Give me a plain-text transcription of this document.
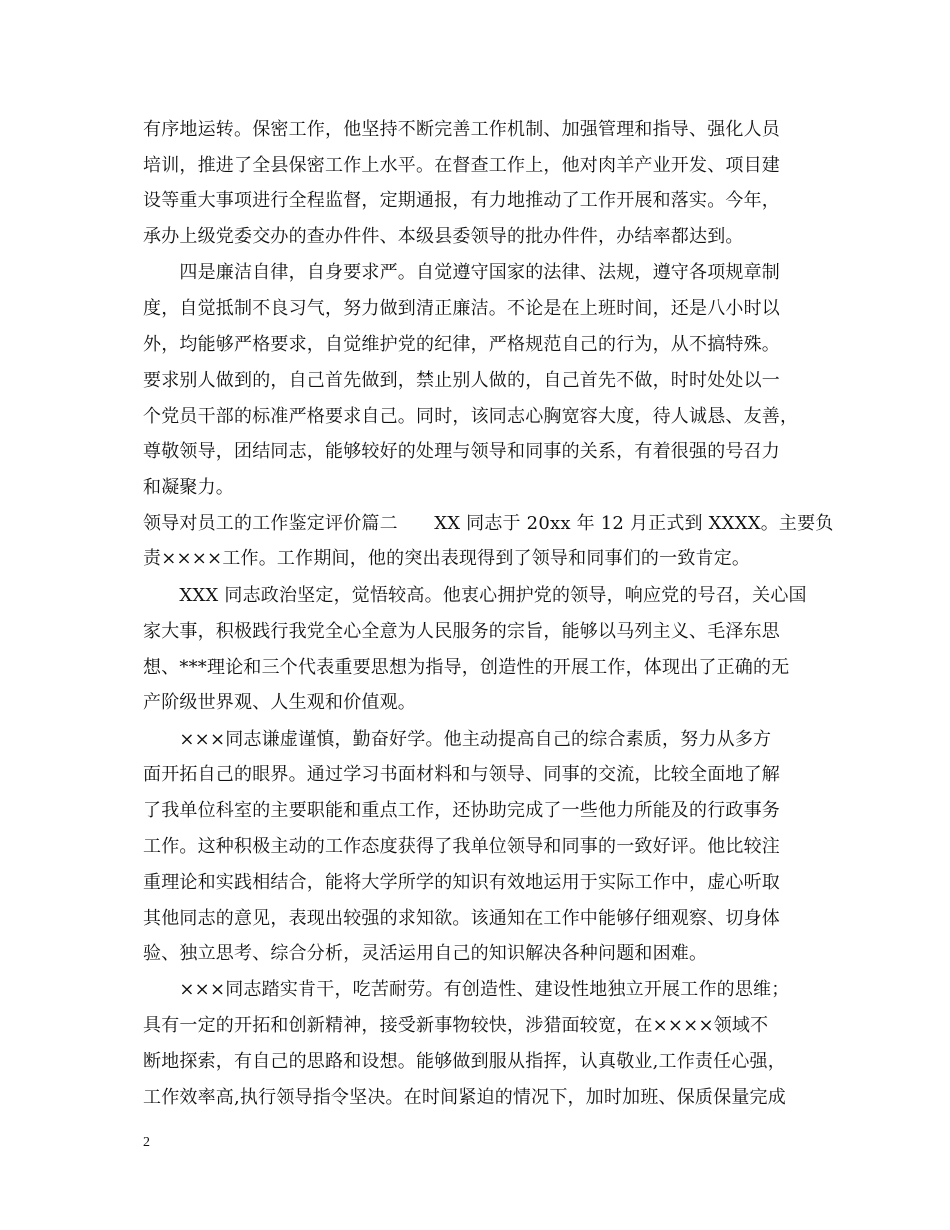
有序地运转。保密工作，他坚持不断完善工作机制、加强管理和指导、强化人员
培训，推进了全县保密工作上水平。在督查工作上，他对肉羊产业开发、项目建
设等重大事项进行全程监督，定期通报，有力地推动了工作开展和落实。今年，
承办上级党委交办的查办件件、本级县委领导的批办件件，办结率都达到。
　　四是廉洁自律，自身要求严。自觉遵守国家的法律、法规，遵守各项规章制
度，自觉抵制不良习气，努力做到清正廉洁。不论是在上班时间，还是八小时以
外，均能够严格要求，自觉维护党的纪律，严格规范自己的行为，从不搞特殊。
要求别人做到的，自己首先做到，禁止别人做的，自己首先不做，时时处处以一
个党员干部的标准严格要求自己。同时，该同志心胸宽容大度，待人诚恳、友善，
尊敬领导，团结同志，能够较好的处理与领导和同事的关系，有着很强的号召力
和凝聚力。
领导对员工的工作鉴定评价篇二　　XX 同志于 20xx 年 12 月正式到 XXXX。主要负
责××××工作。工作期间，他的突出表现得到了领导和同事们的一致肯定。
　　XXX 同志政治坚定，觉悟较高。他衷心拥护党的领导，响应党的号召，关心国
家大事，积极践行我党全心全意为人民服务的宗旨，能够以马列主义、毛泽东思
想、***理论和三个代表重要思想为指导，创造性的开展工作，体现出了正确的无
产阶级世界观、人生观和价值观。
　　×××同志谦虚谨慎，勤奋好学。他主动提高自己的综合素质，努力从多方
面开拓自己的眼界。通过学习书面材料和与领导、同事的交流，比较全面地了解
了我单位科室的主要职能和重点工作，还协助完成了一些他力所能及的行政事务
工作。这种积极主动的工作态度获得了我单位领导和同事的一致好评。他比较注
重理论和实践相结合，能将大学所学的知识有效地运用于实际工作中，虚心听取
其他同志的意见，表现出较强的求知欲。该通知在工作中能够仔细观察、切身体
验、独立思考、综合分析，灵活运用自己的知识解决各种问题和困难。
　　×××同志踏实肯干，吃苦耐劳。有创造性、建设性地独立开展工作的思维；
具有一定的开拓和创新精神，接受新事物较快，涉猎面较宽，在××××领域不
断地探索，有自己的思路和设想。能够做到服从指挥，认真敬业,工作责任心强，
工作效率高,执行领导指令坚决。在时间紧迫的情况下，加时加班、保质保量完成
2
